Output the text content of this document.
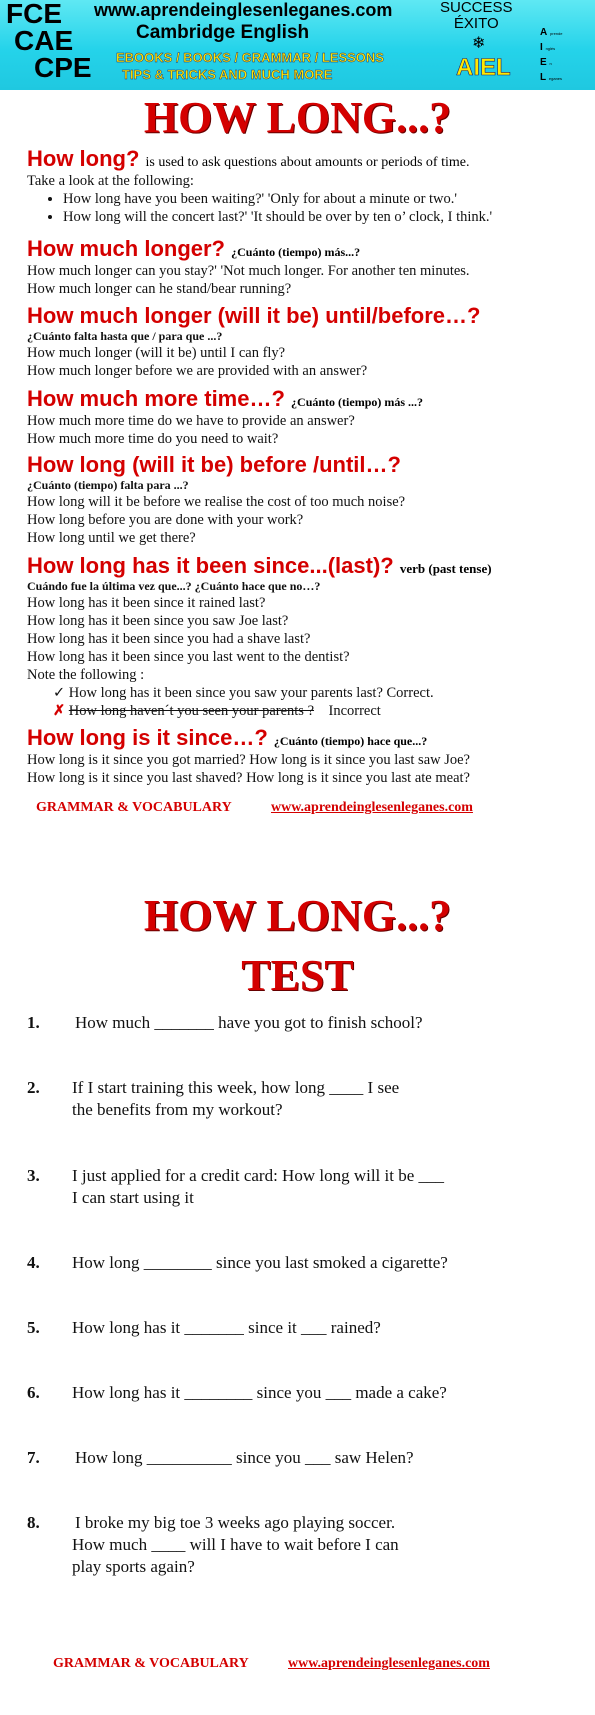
FCE
CAE
CPE
www.aprendeinglesenleganes.com
Cambridge English
EBOOKS / BOOKS / GRAMMAR / LESSONS
TIPS & TRICKS AND MUCH MORE
SUCCESS
ÉXITO
❄
AIEL
A prende
I nglés
E n
L eganes
HOW LONG...?
How long? is used to ask questions about amounts or periods of time.
Take a look at the following:
• How long have you been waiting?' 'Only for about a minute or two.'
• How long will the concert last?' 'It should be over by ten o’ clock, I think.'
How much longer? ¿Cuánto (tiempo) más...?
How much longer can you stay?' 'Not much longer. For another ten minutes.
How much longer can he stand/bear running?
How much longer (will it be) until/before…?
¿Cuánto falta hasta que / para que ...?
How much longer (will it be) until I can fly?
How much longer before we are provided with an answer?
How much more time…? ¿Cuánto (tiempo) más ...?
How much more time do we have to provide an answer?
How much more time do you need to wait?
How long (will it be) before /until…?
¿Cuánto (tiempo) falta para ...?
How long will it be before we realise the cost of too much noise?
How long before you are done with your work?
How long until we get there?
How long has it been since...(last)? verb (past tense)
Cuándo fue la última vez que...? ¿Cuánto hace que no…?
How long has it been since it rained last?
How long has it been since you saw Joe last?
How long has it been since you had a shave last?
How long has it been since you last went to the dentist?
Note the following :
✓ How long has it been since you saw your parents last? Correct.
✗ How long haven´t you seen your parents ? Incorrect
How long is it since…? ¿Cuánto (tiempo) hace que...?
How long is it since you got married? How long is it since you last saw Joe?
How long is it since you last shaved? How long is it since you last ate meat?
GRAMMAR & VOCABULARY	www.aprendeinglesenleganes.com
HOW LONG...?
TEST
1. How much _______ have you got to finish school?
2. If I start training this week, how long ____ I see
the benefits from my workout?
3. I just applied for a credit card: How long will it be ___
I can start using it
4. How long ________ since you last smoked a cigarette?
5. How long has it _______ since it ___ rained?
6. How long has it ________ since you ___ made a cake?
7. How long __________ since you ___ saw Helen?
8. I broke my big toe 3 weeks ago playing soccer.
How much ____ will I have to wait before I can
play sports again?
GRAMMAR & VOCABULARY	www.aprendeinglesenleganes.com
